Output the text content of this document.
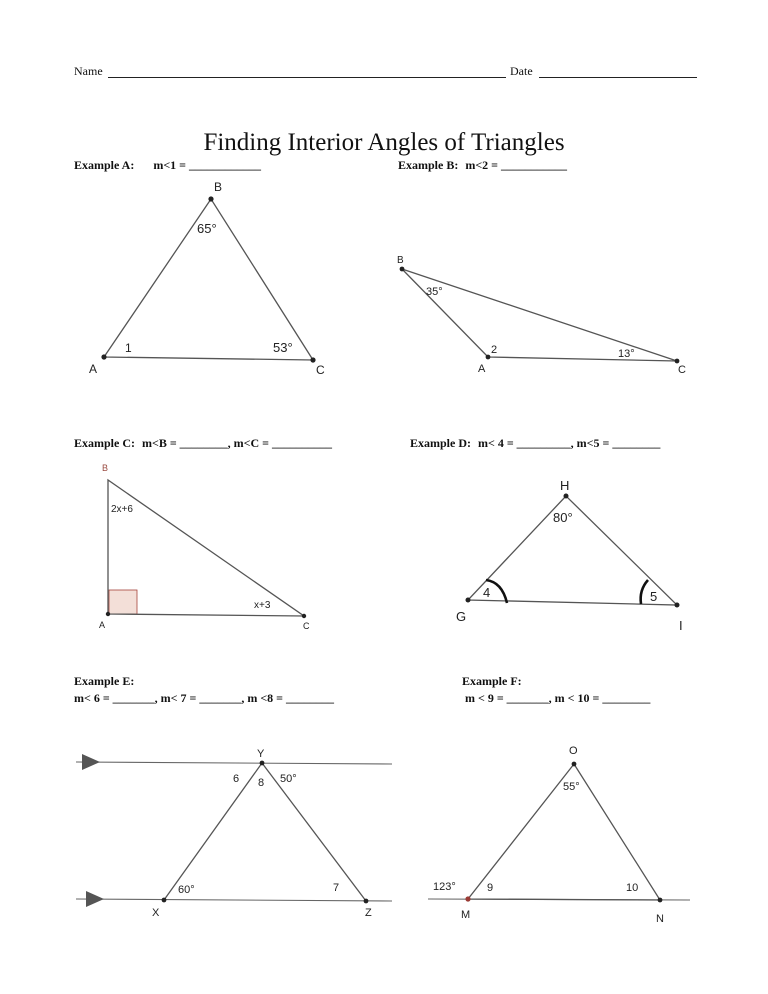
Name	Date
Finding Interior Angles of Triangles
Example A: m<1 = ____________	Example B: m<2 = ___________
Example C: m<B = ________, m<C = __________	Example D: m< 4 = _________, m<5 = ________
Example E:
m< 6 = _______, m< 7 = _______, m <8 = ________
Example F:
m < 9 = _______, m < 10 = ________
B
A	C
65°
1	53°
B
A	C
35°
2	13°
B
A	C
2x+6
x+3
H
G
I
80°
4	5
Y
X	Z
6 8 50°
60°	7
O
M	N
55°
123°	9	10
